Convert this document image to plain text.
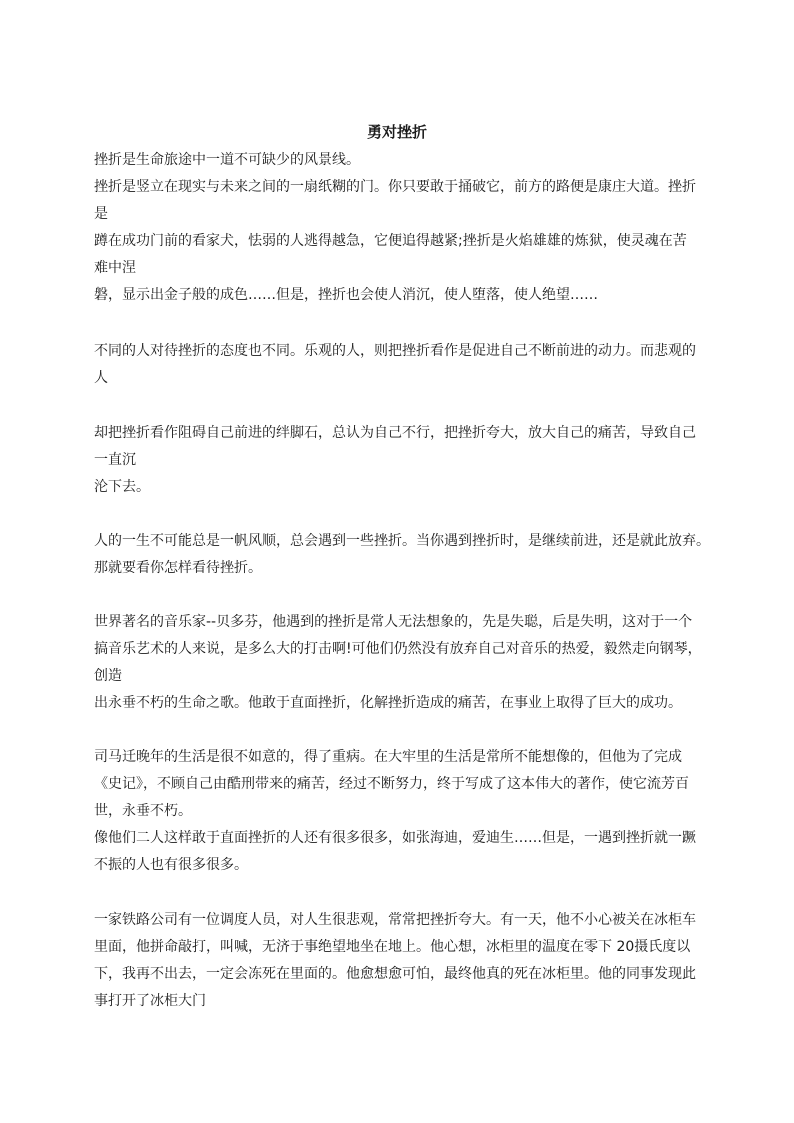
勇对挫折
挫折是生命旅途中一道不可缺少的风景线。
挫折是竖立在现实与未来之间的一扇纸糊的门。你只要敢于捅破它，前方的路便是康庄大道。挫折
是
蹲在成功门前的看家犬，怯弱的人逃得越急，它便追得越紧;挫折是火焰雄雄的炼狱，使灵魂在苦
难中涅
磐，显示出金子般的成色……但是，挫折也会使人消沉，使人堕落，使人绝望……
不同的人对待挫折的态度也不同。乐观的人，则把挫折看作是促进自己不断前进的动力。而悲观的
人
却把挫折看作阻碍自己前进的绊脚石，总认为自己不行，把挫折夸大，放大自己的痛苦，导致自己
一直沉
沦下去。
人的一生不可能总是一帆风顺，总会遇到一些挫折。当你遇到挫折时，是继续前进，还是就此放弃。
那就要看你怎样看待挫折。
世界著名的音乐家--贝多芬，他遇到的挫折是常人无法想象的，先是失聪，后是失明，这对于一个
搞音乐艺术的人来说，是多么大的打击啊!可他们仍然没有放弃自己对音乐的热爱，毅然走向钢琴，
创造
出永垂不朽的生命之歌。他敢于直面挫折，化解挫折造成的痛苦，在事业上取得了巨大的成功。
司马迁晚年的生活是很不如意的，得了重病。在大牢里的生活是常所不能想像的，但他为了完成
《史记》，不顾自己由酷刑带来的痛苦，经过不断努力，终于写成了这本伟大的著作，使它流芳百
世，永垂不朽。
像他们二人这样敢于直面挫折的人还有很多很多，如张海迪，爱迪生……但是，一遇到挫折就一蹶
不振的人也有很多很多。
一家铁路公司有一位调度人员，对人生很悲观，常常把挫折夸大。有一天，他不小心被关在冰柜车
里面，他拼命敲打，叫喊，无济于事绝望地坐在地上。他心想，冰柜里的温度在零下 20摄氏度以
下，我再不出去，一定会冻死在里面的。他愈想愈可怕，最终他真的死在冰柜里。他的同事发现此
事打开了冰柜大门
